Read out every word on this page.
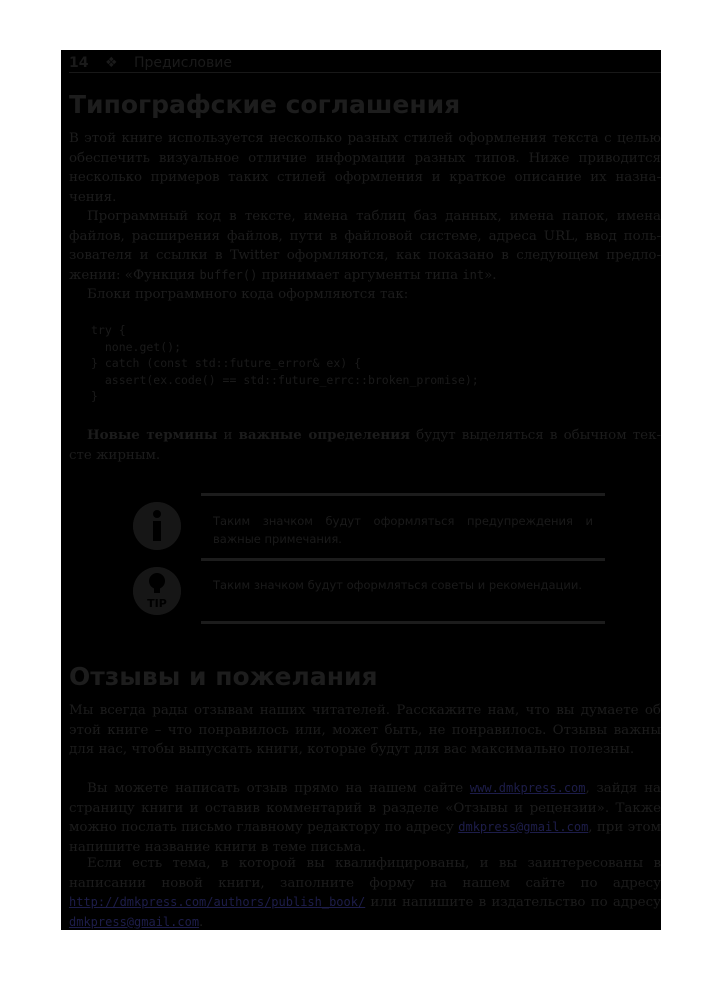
14 ❖ Предисловие
Типографские соглашения

В этой книге используется несколько разных стилей оформления текста с целью обеспечить визуальное отличие информации разных типов. Ниже приводится несколько примеров таких стилей оформления и краткое описание их назначения.

Программный код в тексте, имена таблиц баз данных, имена папок, имена файлов, расширения файлов, пути в файловой системе, адреса URL, ввод пользователя и ссылки в Twitter оформляются, как показано в следующем предложении: «Функция buffer() принимает аргументы типа int».

Блоки программного кода оформляются так:

try {
none.get();
} catch (const std::future_error& ex) {
assert(ex.code() == std::future_errc::broken_promise);
}

Новые термины и важные определения будут выделяться в обычном тексте жирным.

Таким значком будут оформляться предупреждения и важные примечания.
TIP
Таким значком будут оформляться советы и рекомендации.
Отзывы и пожелания

Мы всегда рады отзывам наших читателей. Расскажите нам, что вы думаете об этой книге – что понравилось или, может быть, не понравилось. Отзывы важны для нас, чтобы выпускать книги, которые будут для вас максимально полезны.

Вы можете написать отзыв прямо на нашем сайте www.dmkpress.com, зайдя на страницу книги и оставив комментарий в разделе «Отзывы и рецензии». Также можно послать письмо главному редактору по адресу dmkpress@gmail.com, при этом напишите название книги в теме письма.

Если есть тема, в которой вы квалифицированы, и вы заинтересованы в написании новой книги, заполните форму на нашем сайте по адресу http://dmkpress.com/authors/publish_book/ или напишите в издательство по адресу dmkpress@gmail.com.
